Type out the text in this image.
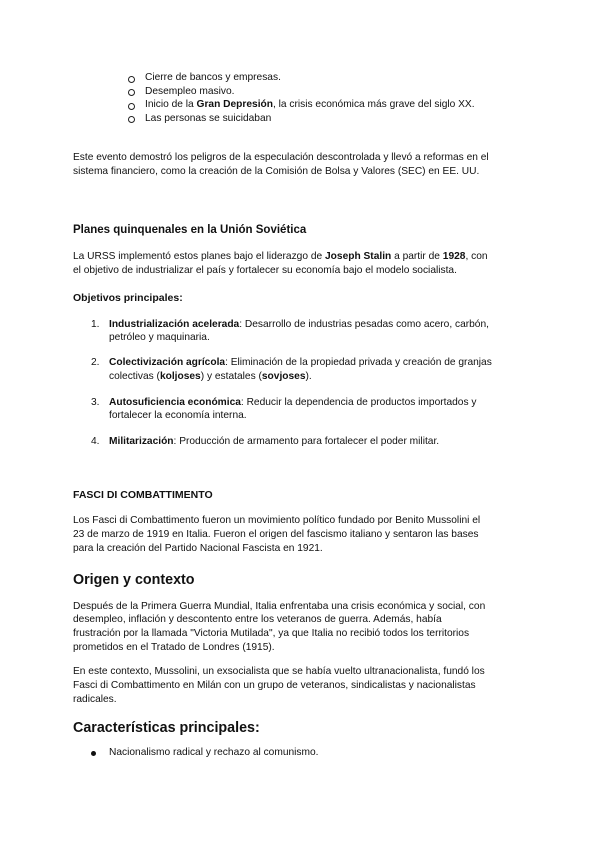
Cierre de bancos y empresas.
Desempleo masivo.
Inicio de la Gran Depresión, la crisis económica más grave del siglo XX.
Las personas se suicidaban
Este evento demostró los peligros de la especulación descontrolada y llevó a reformas en el
sistema financiero, como la creación de la Comisión de Bolsa y Valores (SEC) en EE. UU.
Planes quinquenales en la Unión Soviética
La URSS implementó estos planes bajo el liderazgo de Joseph Stalin a partir de 1928, con
el objetivo de industrializar el país y fortalecer su economía bajo el modelo socialista.
Objetivos principales:
1. Industrialización acelerada: Desarrollo de industrias pesadas como acero, carbón,
petróleo y maquinaria.
2. Colectivización agrícola: Eliminación de la propiedad privada y creación de granjas
colectivas (koljoses) y estatales (sovjoses).
3. Autosuficiencia económica: Reducir la dependencia de productos importados y
fortalecer la economía interna.
4. Militarización: Producción de armamento para fortalecer el poder militar.
FASCI DI COMBATTIMENTO
Los Fasci di Combattimento fueron un movimiento político fundado por Benito Mussolini el
23 de marzo de 1919 en Italia. Fueron el origen del fascismo italiano y sentaron las bases
para la creación del Partido Nacional Fascista en 1921.
Origen y contexto
Después de la Primera Guerra Mundial, Italia enfrentaba una crisis económica y social, con
desempleo, inflación y descontento entre los veteranos de guerra. Además, había
frustración por la llamada "Victoria Mutilada", ya que Italia no recibió todos los territorios
prometidos en el Tratado de Londres (1915).
En este contexto, Mussolini, un exsocialista que se había vuelto ultranacionalista, fundó los
Fasci di Combattimento en Milán con un grupo de veteranos, sindicalistas y nacionalistas
radicales.
Características principales:
Nacionalismo radical y rechazo al comunismo.
